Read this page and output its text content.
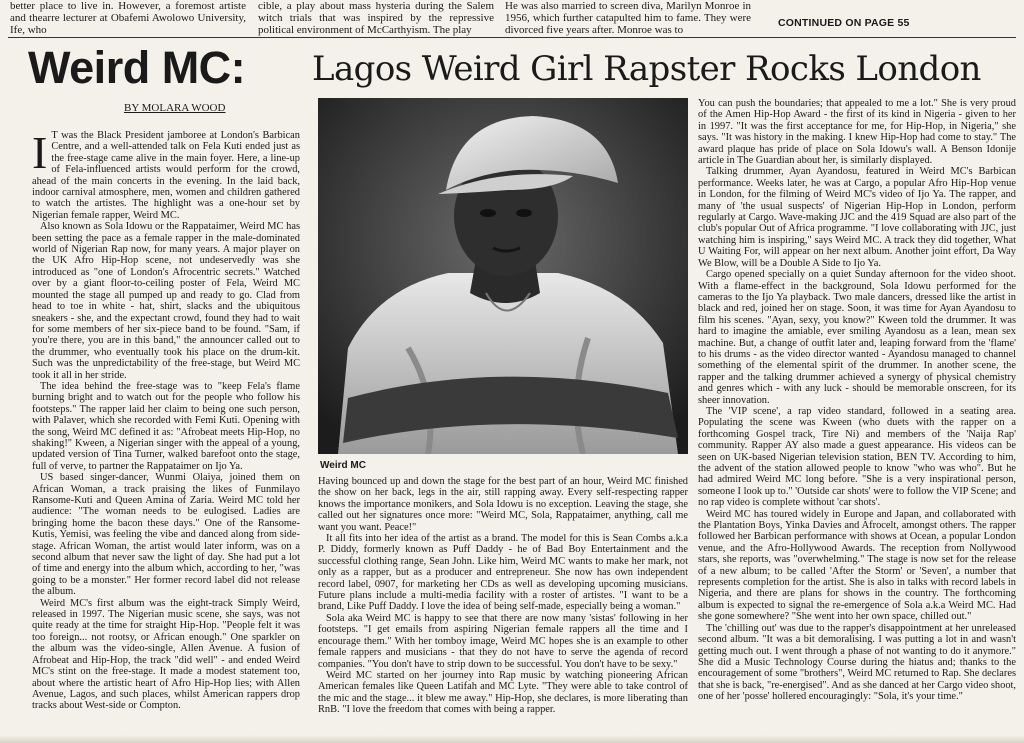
better place to live in. However, a foremost artiste and thearre lecturer at Obafemi Awolowo University, Ife, who

cible, a play about mass hysteria during the Salem witch trials that was inspired by the repressive political environment of McCarthyism. The play

He was also married to screen diva, Marilyn Monroe in 1956, which further catapulted him to fame. They were divorced five years after. Monroe was to

CONTINUED ON PAGE 55
Weird MC: Lagos Weird Girl Rapster Rocks London
BY MOLARA WOOD

I T was the Black President jamboree at London's Barbican Centre, and a well-attended talk on Fela Kuti ended just as the free-stage came alive in the main foyer. Here, a line-up of Fela-influenced artists would perform for the crowd, ahead of the main concerts in the evening. In the laid back, indoor carnival atmosphere, men, women and children gathered to watch the artistes. The highlight was a one-hour set by Nigerian female rapper, Weird MC.

Also known as Sola Idowu or the Rappataimer, Weird MC has been setting the pace as a female rapper in the male-dominated world of Nigerian Rap now, for many years. A major player on the UK Afro Hip-Hop scene, not undeservedly was she introduced as "one of London's Afrocentric secrets." Watched over by a giant floor-to-ceiling poster of Fela, Weird MC mounted the stage all pumped up and ready to go. Clad from head to toe in white - hat, shirt, slacks and the ubiquitous sneakers - she, and the expectant crowd, found they had to wait for some members of her six-piece band to be found. "Sam, if you're there, you are in this band," the announcer called out to the drummer, who eventually took his place on the drum-kit. Such was the unpredictability of the free-stage, but Weird MC took it all in her stride.

The idea behind the free-stage was to "keep Fela's flame burning bright and to watch out for the people who follow his footsteps." The rapper laid her claim to being one such person, with Palaver, which she recorded with Femi Kuti. Opening with the song, Weird MC defined it as: "Afrobeat meets Hip-Hop, no shaking!" Kween, a Nigerian singer with the appeal of a young, updated version of Tina Turner, walked barefoot onto the stage, full of verve, to partner the Rappataimer on Ijo Ya.

US based singer-dancer, Wunmi Olaiya, joined them on African Woman, a track praising the likes of Funmilayo Ransome-Kuti and Queen Amina of Zaria. Weird MC told her audience: "The woman needs to be eulogised. Ladies are bringing home the bacon these days." One of the Ransome-Kutis, Yemisi, was feeling the vibe and danced along from side-stage. African Woman, the artist would later inform, was on a second album that never saw the light of day. She had put a lot of time and energy into the album which, according to her, "was going to be a monster." Her former record label did not release the album.

Weird MC's first album was the eight-track Simply Weird, released in 1997. The Nigerian music scene, she says, was not quite ready at the time for straight Hip-Hop. "People felt it was too foreign... not rootsy, or African enough." One sparkler on the album was the video-single, Allen Avenue. A fusion of Afrobeat and Hip-Hop, the track "did well" - and ended Weird MC's stint on the free-stage. It made a modest statement too, about where the artistic heart of Afro Hip-Hop lies; with Allen Avenue, Lagos, and such places, whilst American rappers drop tracks about West-side or Compton.

Weird MC

Having bounced up and down the stage for the best part of an hour, Weird MC finished the show on her back, legs in the air, still rapping away. Every self-respecting rapper knows the importance monikers, and Sola Idowu is no exception. Leaving the stage, she called out her signatures once more: "Weird MC, Sola, Rappataimer, anything, call me want you want. Peace!"

It all fits into her idea of the artist as a brand. The model for this is Sean Combs a.k.a P. Diddy, formerly known as Puff Daddy - he of Bad Boy Entertainment and the successful clothing range, Sean John. Like him, Weird MC wants to make her mark, not only as a rapper, but as a producer and entrepreneur. She now has own independent record label, 0907, for marketing her CDs as well as developing upcoming musicians. Future plans include a multi-media facility with a roster of artistes. "I want to be a brand, Like Puff Daddy. I love the idea of being self-made, especially being a woman."

Sola aka Weird MC is happy to see that there are now many 'sistas' following in her footsteps. "I get emails from aspiring Nigerian female rappers all the time and I encourage them." With her tomboy image, Weird MC hopes she is an example to other female rappers and musicians - that they do not have to serve the agenda of record companies. "You don't have to strip down to be successful. You don't have to be sexy."

Weird MC started on her journey into Rap music by watching pioneering African American females like Queen Latifah and MC Lyte. "They were able to take control of the mic and the stage... it blew me away." Hip-Hop, she declares, is more liberating than RnB. "I love the freedom that comes with being a rapper.

You can push the boundaries; that appealed to me a lot." She is very proud of the Amen Hip-Hop Award - the first of its kind in Nigeria - given to her in 1997. "It was the first acceptance for me, for Hip-Hop, in Nigeria," she says. "It was history in the making. I knew Hip-Hop had come to stay." The award plaque has pride of place on Sola Idowu's wall. A Benson Idonije article in The Guardian about her, is similarly displayed.

Talking drummer, Ayan Ayandosu, featured in Weird MC's Barbican performance. Weeks later, he was at Cargo, a popular Afro Hip-Hop venue in London, for the filming of Weird MC's video of Ijo Ya. The rapper, and many of 'the usual suspects' of Nigerian Hip-Hop in London, perform regularly at Cargo. Wave-making JJC and the 419 Squad are also part of the club's popular Out of Africa programme. "I love collaborating with JJC, just watching him is inspiring," says Weird MC. A track they did together, What U Waiting For, will appear on her next album. Another joint effort, Da Way We Blow, will be a Double A Side to Ijo Ya.

Cargo opened specially on a quiet Sunday afternoon for the video shoot. With a flame-effect in the background, Sola Idowu performed for the cameras to the Ijo Ya playback. Two male dancers, dressed like the artist in black and red, joined her on stage. Soon, it was time for Ayan Ayandosu to film his scenes. "Ayan, sexy, you know?" Kween told the drummer. It was hard to imagine the amiable, ever smiling Ayandosu as a lean, mean sex machine. But, a change of outfit later and, leaping forward from the 'flame' to his drums - as the video director wanted - Ayandosu managed to channel something of the elemental spirit of the drummer. In another scene, the rapper and the talking drummer achieved a synergy of physical chemistry and genres which - with any luck - should be memorable onscreen, for its sheer innovation.

The 'VIP scene', a rap video standard, followed in a seating area. Populating the scene was Kween (who duets with the rapper on a forthcoming Gospel track, Tire Ni) and members of the 'Naija Rap' community. Rapper AY also made a guest appearance. His videos can be seen on UK-based Nigerian television station, BEN TV. According to him, the advent of the station allowed people to know "who was who". But he had admired Weird MC long before. "She is a very inspirational person, someone I look up to." 'Outside car shots' were to follow the VIP Scene; and no rap video is complete without 'car shots'.

Weird MC has toured widely in Europe and Japan, and collaborated with the Plantation Boys, Yinka Davies and Afrocelt, amongst others. The rapper followed her Barbican performance with shows at Ocean, a popular London venue, and the Afro-Hollywood Awards. The reception from Nollywood stars, she reports, was "overwhelming." The stage is now set for the release of a new album; to be called 'After the Storm' or 'Seven', a number that represents completion for the artist. She is also in talks with record labels in Nigeria, and there are plans for shows in the country. The forthcoming album is expected to signal the re-emergence of Sola a.k.a Weird MC. Had she gone somewhere? "She went into her own space, chilled out."

The 'chilling out' was due to the rapper's disappointment at her unreleased second album. "It was a bit demoralising. I was putting a lot in and wasn't getting much out. I went through a phase of not wanting to do it anymore." She did a Music Technology Course during the hiatus and; thanks to the encouragement of some "brothers", Weird MC returned to Rap. She declares that she is back, "re-energised". And as she danced at her Cargo video shoot, one of her 'posse' hollered encouragingly: "Sola, it's your time."
